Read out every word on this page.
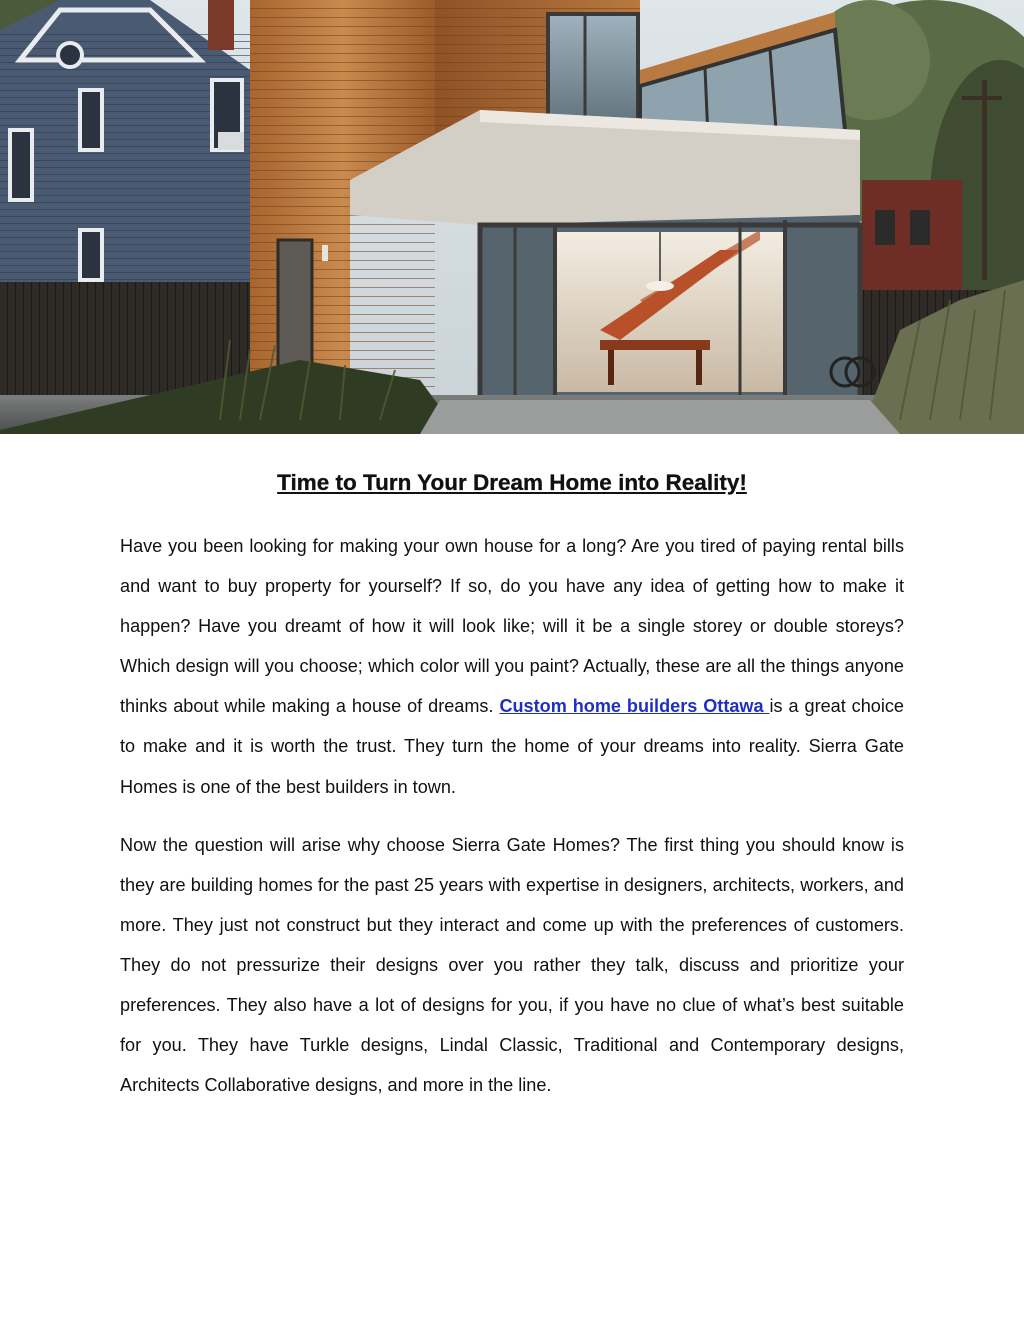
Time to Turn Your Dream Home into Reality!

Have you been looking for making your own house for a long? Are you tired of paying rental bills and want to buy property for yourself? If so, do you have any idea of getting how to make it happen? Have you dreamt of how it will look like; will it be a single storey or double storeys? Which design will you choose; which color will you paint? Actually, these are all the things anyone thinks about while making a house of dreams. Custom home builders Ottawa is a great choice to make and it is worth the trust. They turn the home of your dreams into reality. Sierra Gate Homes is one of the best builders in town.

Now the question will arise why choose Sierra Gate Homes? The first thing you should know is they are building homes for the past 25 years with expertise in designers, architects, workers, and more. They just not construct but they interact and come up with the preferences of customers. They do not pressurize their designs over you rather they talk, discuss and prioritize your preferences. They also have a lot of designs for you, if you have no clue of what’s best suitable for you. They have Turkle designs, Lindal Classic, Traditional and Contemporary designs, Architects Collaborative designs, and more in the line.
